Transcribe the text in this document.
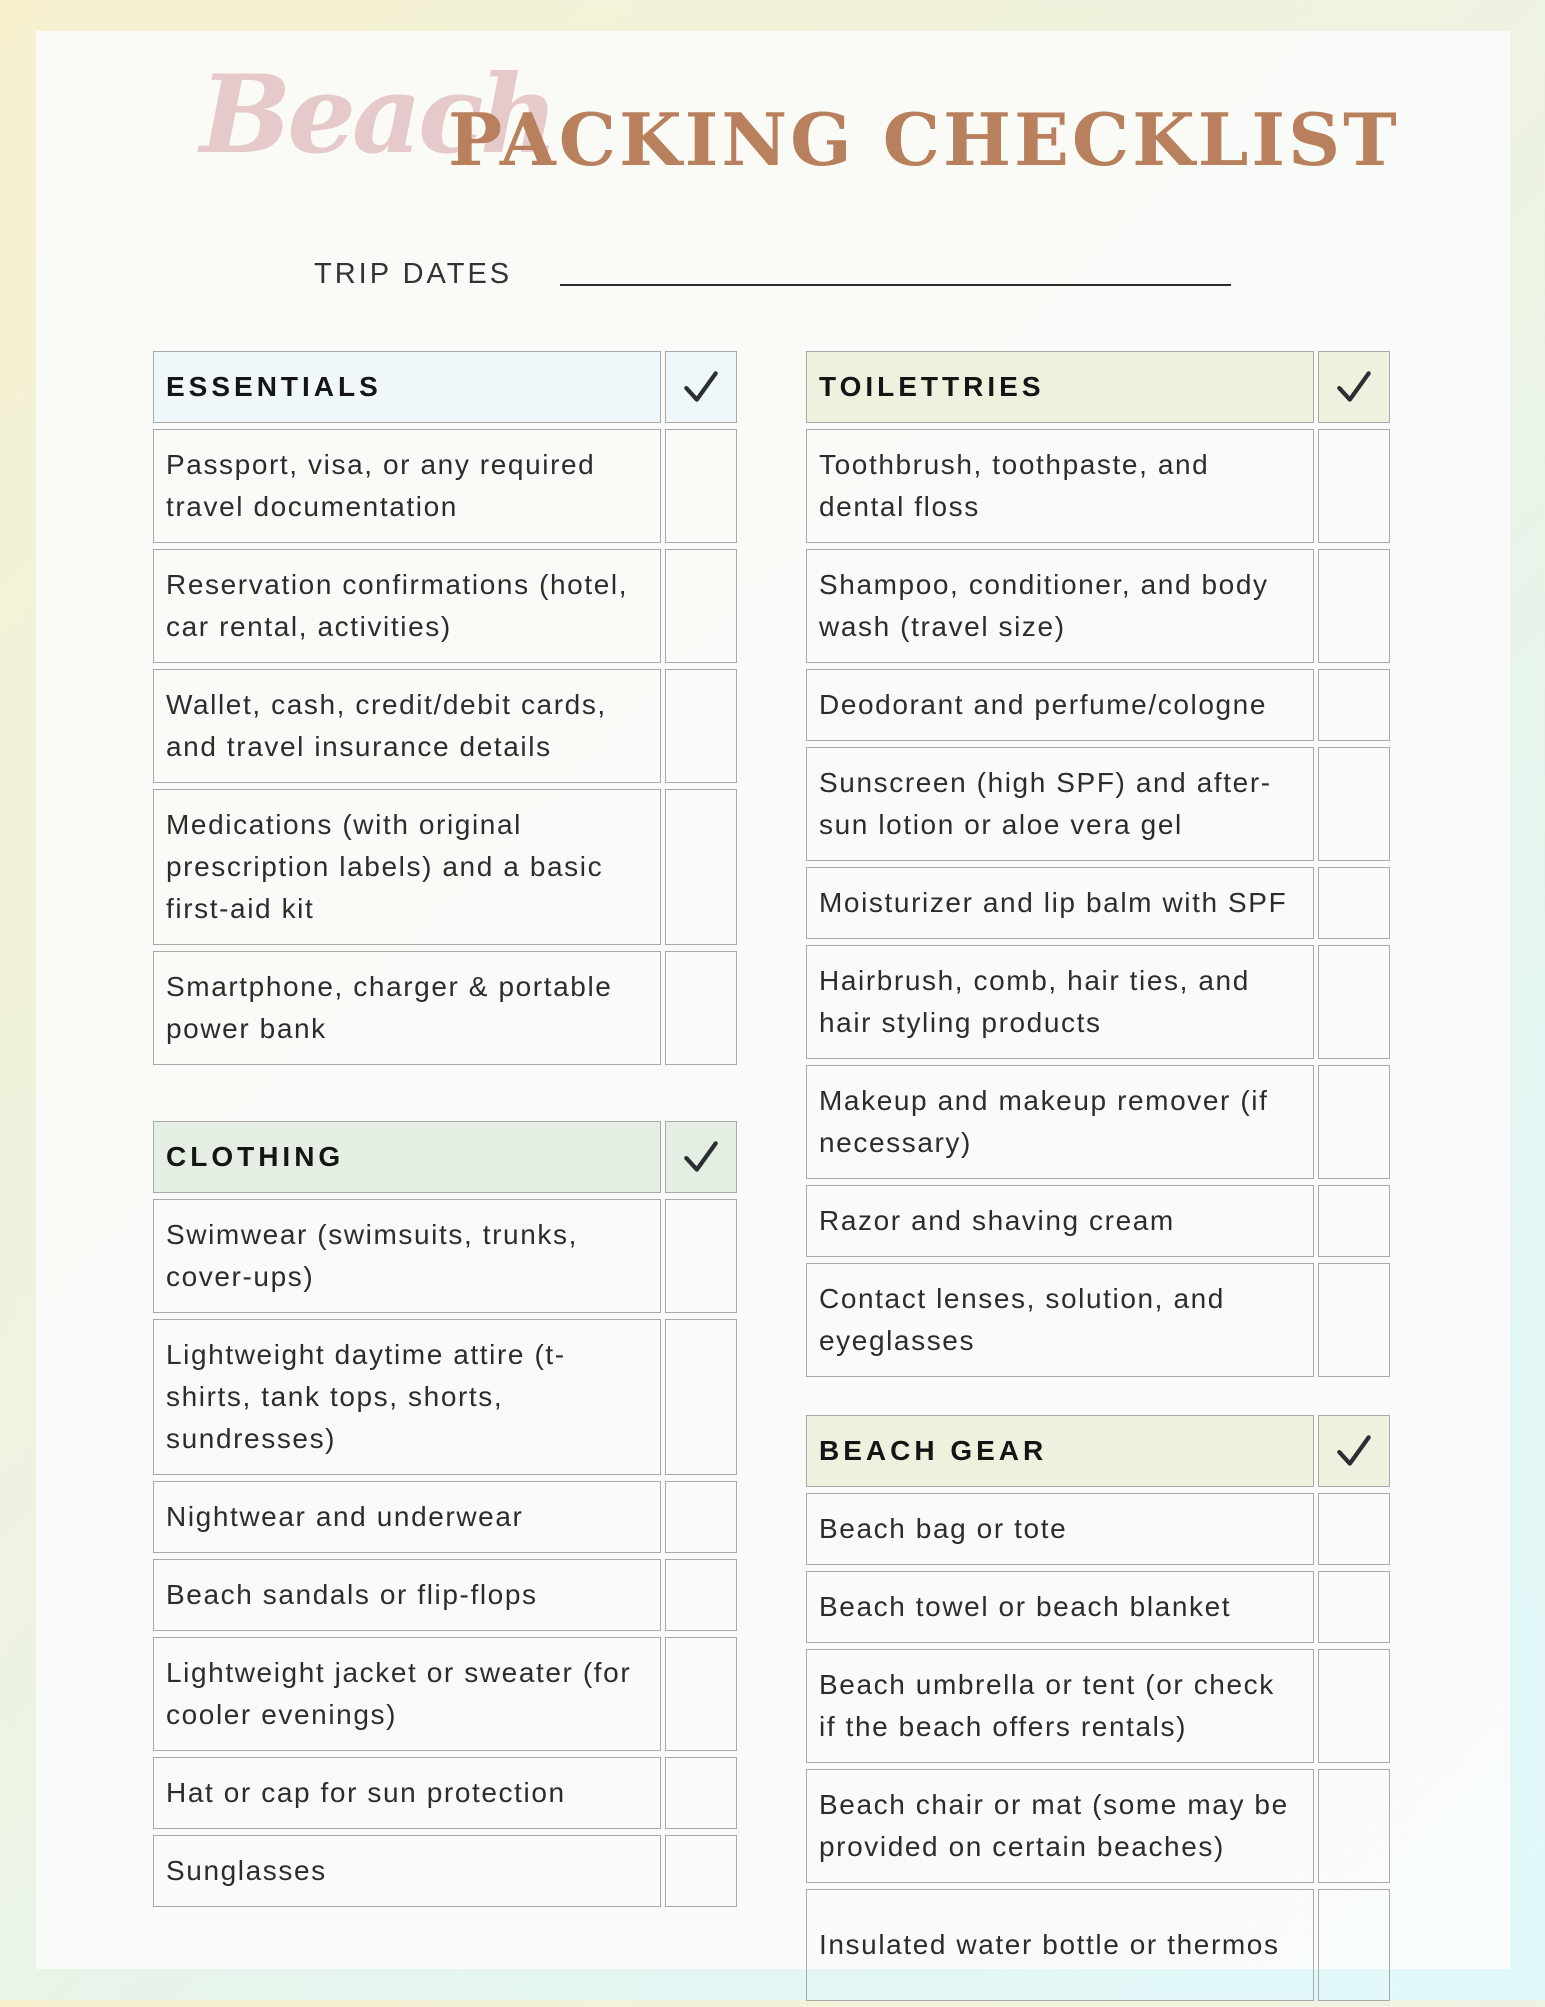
Beach
PACKING CHECKLIST
TRIP DATES
ESSENTIALS
Passport, visa, or any required travel documentation
Reservation confirmations (hotel, car rental, activities)
Wallet, cash, credit/debit cards, and travel insurance details
Medications (with original prescription labels) and a basic first-aid kit
Smartphone, charger & portable power bank
CLOTHING
Swimwear (swimsuits, trunks, cover-ups)
Lightweight daytime attire (t-shirts, tank tops, shorts, sundresses)
Nightwear and underwear
Beach sandals or flip-flops
Lightweight jacket or sweater (for cooler evenings)
Hat or cap for sun protection
Sunglasses
TOILETTRIES
Toothbrush, toothpaste, and dental floss
Shampoo, conditioner, and body wash (travel size)
Deodorant and perfume/cologne
Sunscreen (high SPF) and after-sun lotion or aloe vera gel
Moisturizer and lip balm with SPF
Hairbrush, comb, hair ties, and hair styling products
Makeup and makeup remover (if necessary)
Razor and shaving cream
Contact lenses, solution, and eyeglasses
BEACH GEAR
Beach bag or tote
Beach towel or beach blanket
Beach umbrella or tent (or check if the beach offers rentals)
Beach chair or mat (some may be provided on certain beaches)
Insulated water bottle or thermos
